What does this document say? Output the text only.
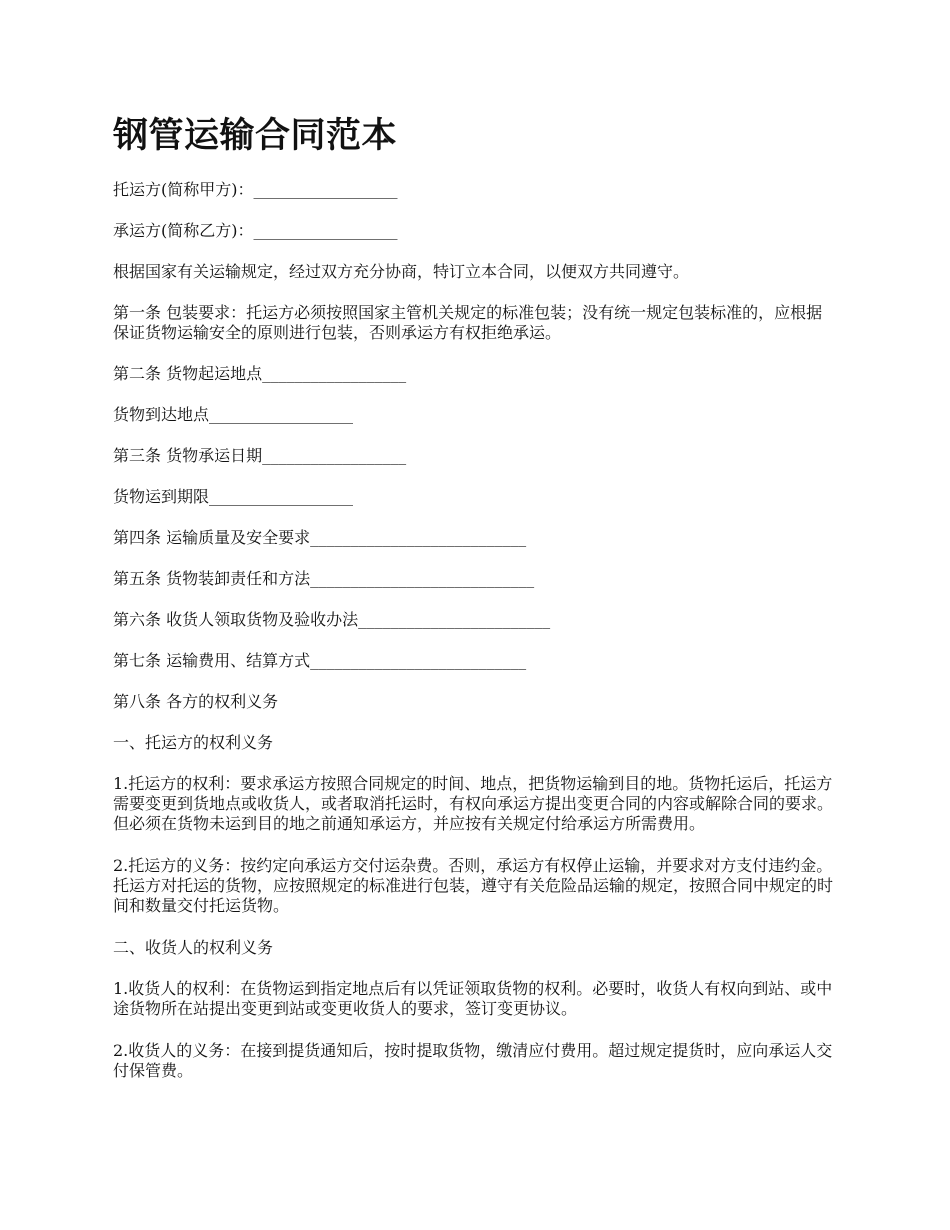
钢管运输合同范本

托运方(简称甲方)：__________________

承运方(简称乙方)：__________________

根据国家有关运输规定，经过双方充分协商，特订立本合同，以便双方共同遵守。

第一条 包装要求：托运方必须按照国家主管机关规定的标准包装；没有统一规定包装标准的，应根据保证货物运输安全的原则进行包装，否则承运方有权拒绝承运。

第二条 货物起运地点__________________

货物到达地点__________________

第三条 货物承运日期__________________

货物运到期限__________________

第四条 运输质量及安全要求___________________________

第五条 货物装卸责任和方法____________________________

第六条 收货人领取货物及验收办法________________________

第七条 运输费用、结算方式___________________________

第八条 各方的权利义务

一、托运方的权利义务

1.托运方的权利：要求承运方按照合同规定的时间、地点，把货物运输到目的地。货物托运后，托运方需要变更到货地点或收货人，或者取消托运时，有权向承运方提出变更合同的内容或解除合同的要求。但必须在货物未运到目的地之前通知承运方，并应按有关规定付给承运方所需费用。

2.托运方的义务：按约定向承运方交付运杂费。否则，承运方有权停止运输，并要求对方支付违约金。托运方对托运的货物，应按照规定的标准进行包装，遵守有关危险品运输的规定，按照合同中规定的时间和数量交付托运货物。

二、收货人的权利义务

1.收货人的权利：在货物运到指定地点后有以凭证领取货物的权利。必要时，收货人有权向到站、或中途货物所在站提出变更到站或变更收货人的要求，签订变更协议。

2.收货人的义务：在接到提货通知后，按时提取货物，缴清应付费用。超过规定提货时，应向承运人交付保管费。
